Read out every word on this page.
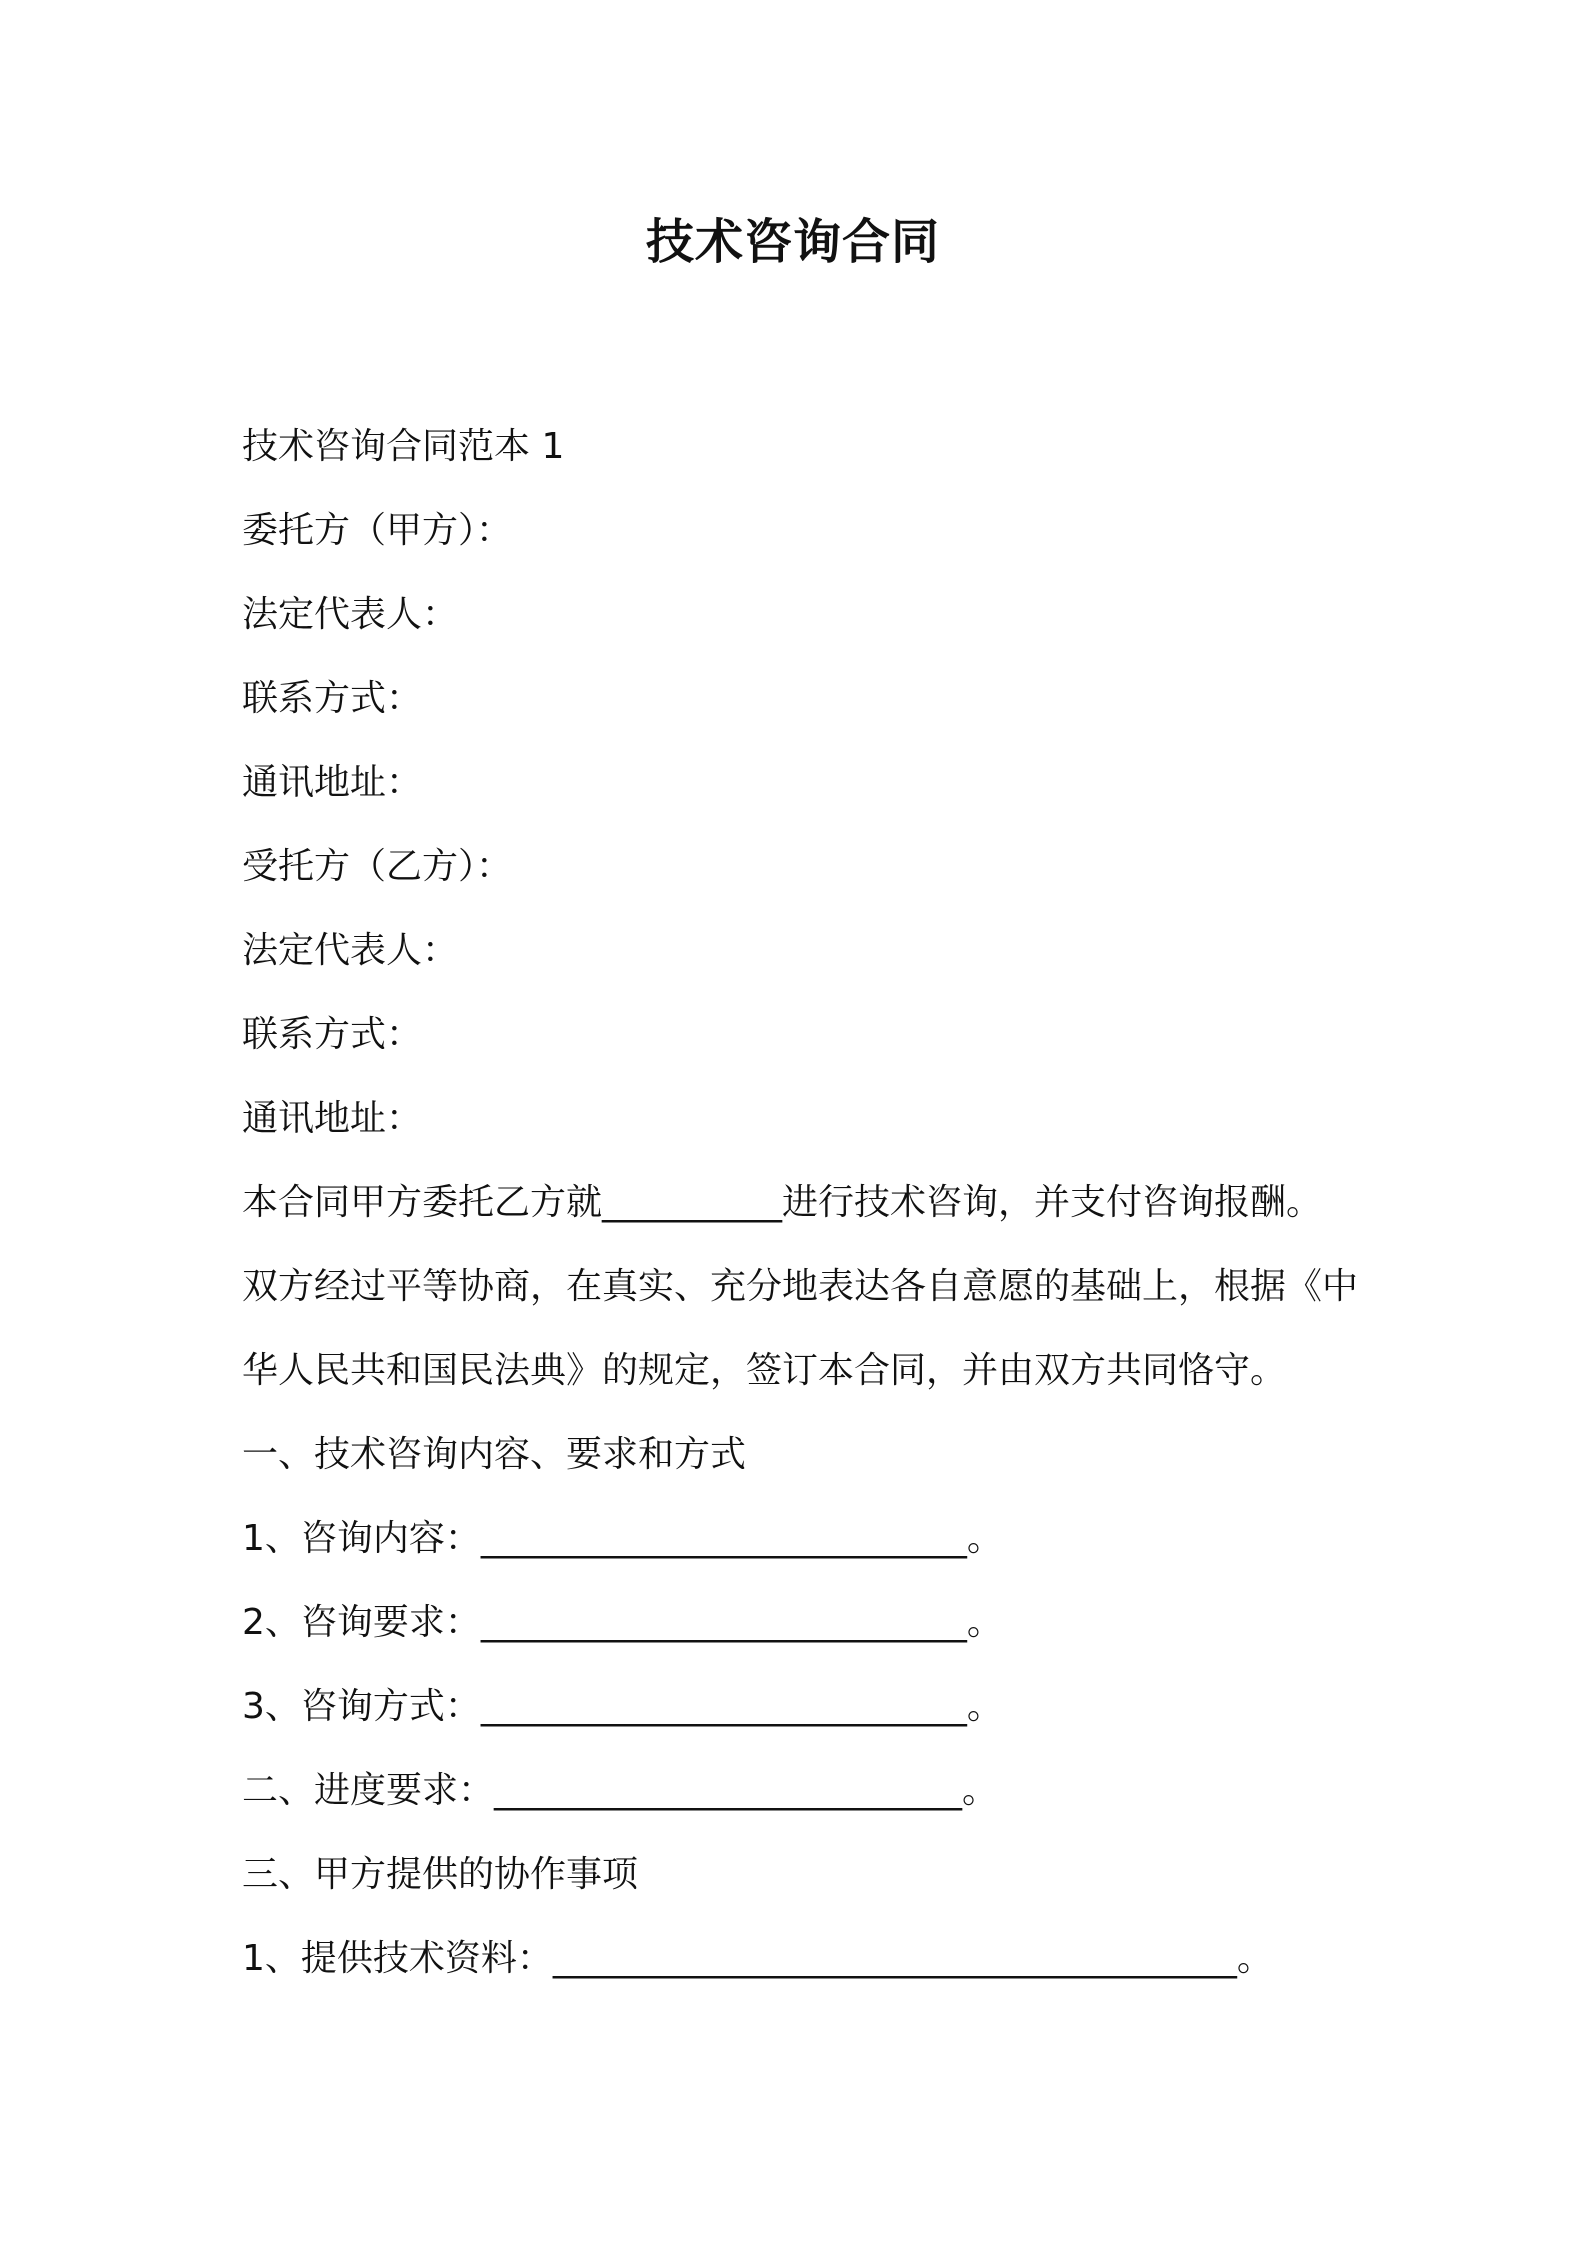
技术咨询合同

技术咨询合同范本 1

委托方（甲方）：

法定代表人：

联系方式：

通讯地址：

受托方（乙方）：

法定代表人：

联系方式：

通讯地址：

本合同甲方委托乙方就__________进行技术咨询，并支付咨询报酬。

双方经过平等协商，在真实、充分地表达各自意愿的基础上，根据《中

华人民共和国民法典》的规定，签订本合同，并由双方共同恪守。

一、技术咨询内容、要求和方式

1、咨询内容：___________________________。

2、咨询要求：___________________________。

3、咨询方式：___________________________。

二、进度要求：__________________________。

三、甲方提供的协作事项

1、提供技术资料：______________________________________。
